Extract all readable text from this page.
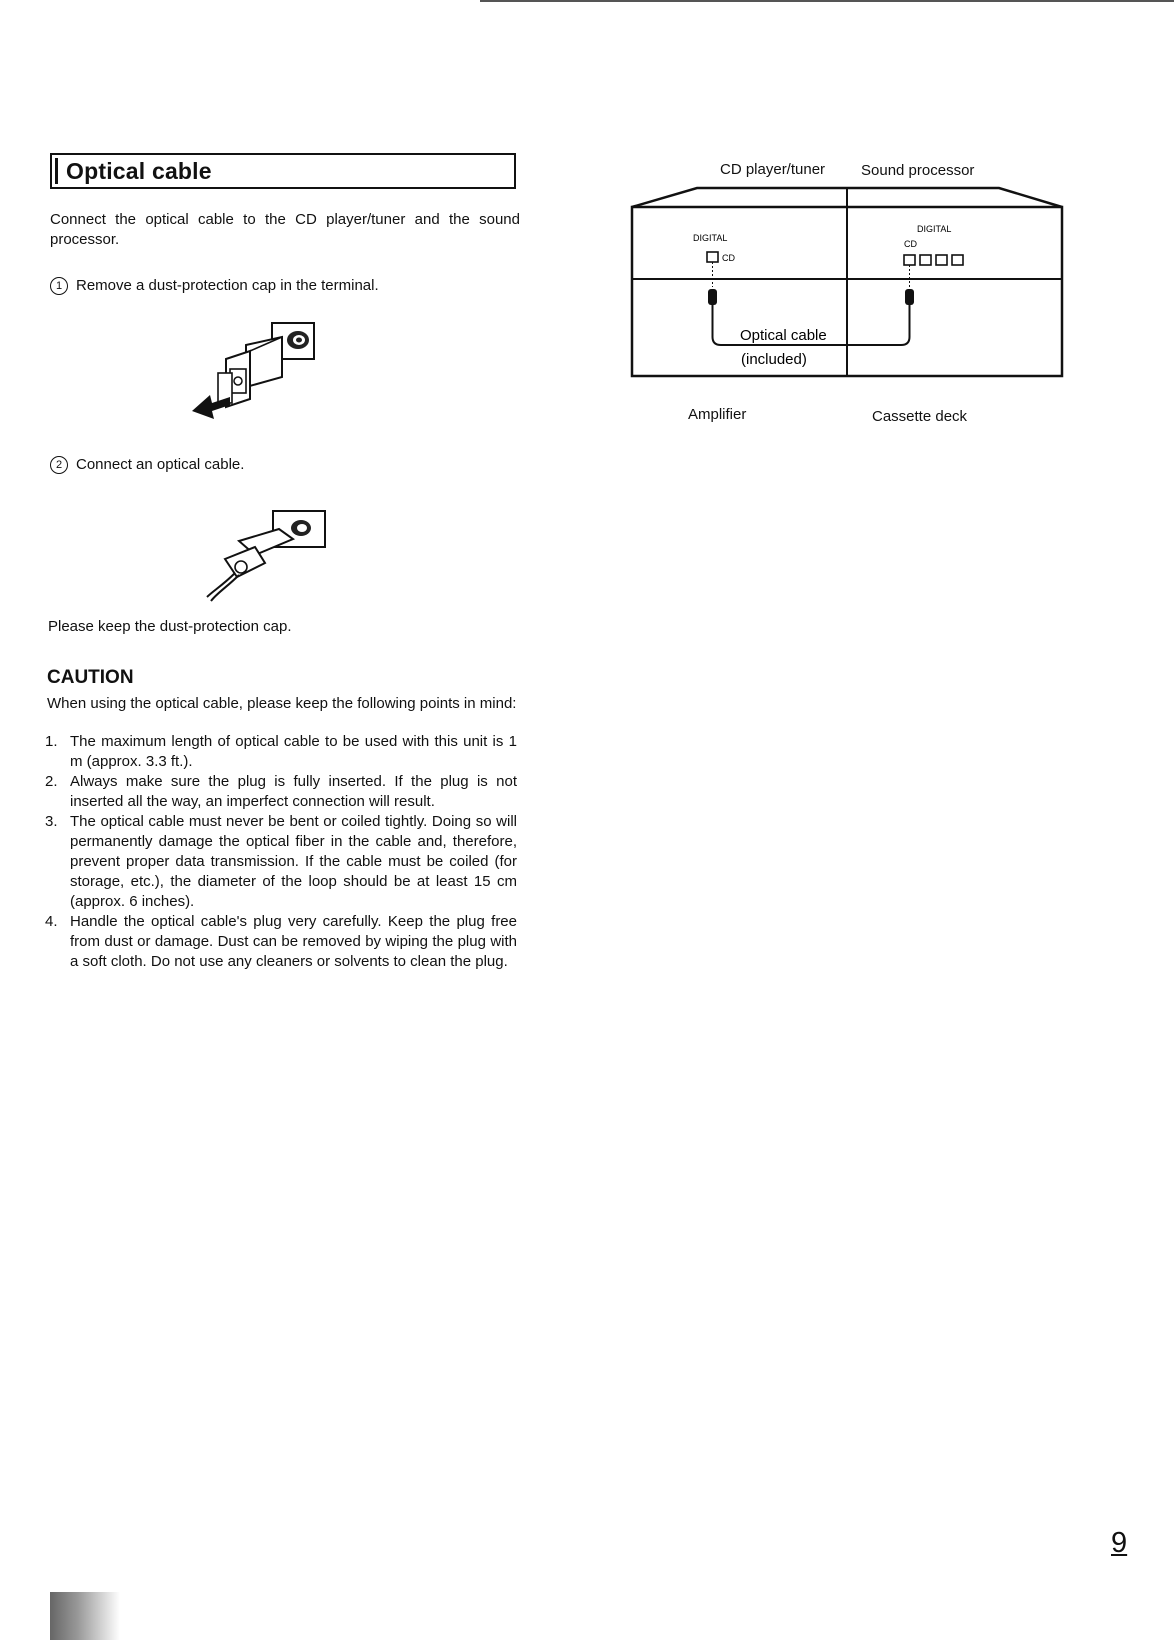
Optical cable
Connect the optical cable to the CD player/tuner and the sound processor.
1 Remove a dust-protection cap in the terminal.
2 Connect an optical cable.
Please keep the dust-protection cap.
CAUTION
When using the optical cable, please keep the following points in mind:
1. The maximum length of optical cable to be used with this unit is 1 m (approx. 3.3 ft.).
2. Always make sure the plug is fully inserted. If the plug is not inserted all the way, an imperfect connection will result.
3. The optical cable must never be bent or coiled tightly. Doing so will permanently damage the optical fiber in the cable and, therefore, prevent proper data transmission. If the cable must be coiled (for storage, etc.), the diameter of the loop should be at least 15 cm (approx. 6 inches).
4. Handle the optical cable's plug very carefully. Keep the plug free from dust or damage. Dust can be removed by wiping the plug with a soft cloth. Do not use any cleaners or solvents to clean the plug.
CD player/tuner Sound processor
DIGITAL
CD
DIGITAL
CD
Optical cable
(included)
Amplifier	Cassette deck
9
